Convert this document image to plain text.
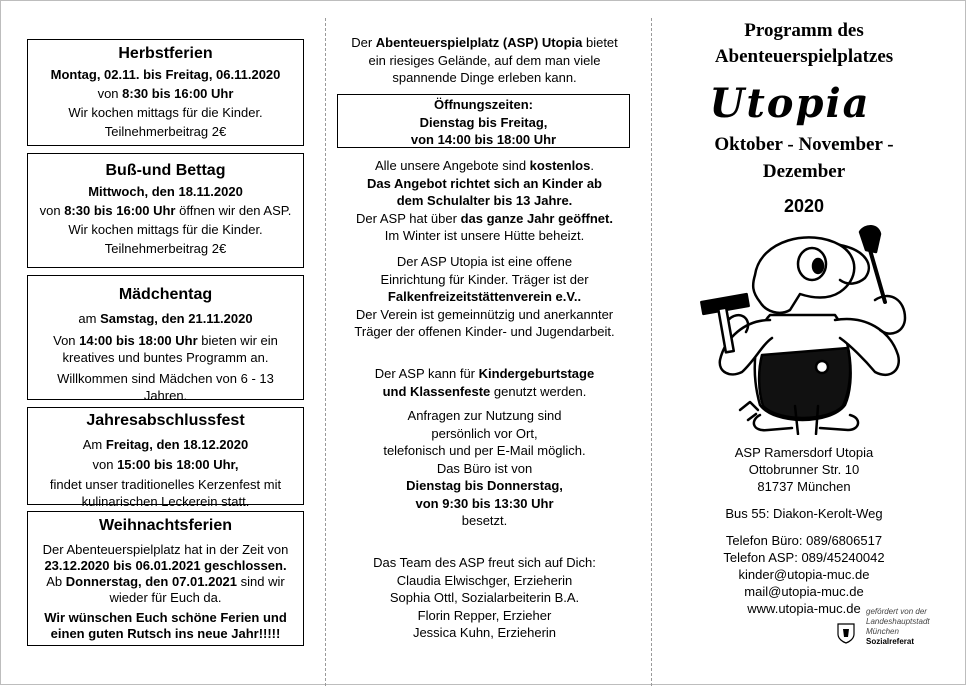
Herbstferien

Montag, 02.11. bis Freitag, 06.11.2020

von 8:30 bis 16:00 Uhr

Wir kochen mittags für die Kinder.

Teilnehmerbeitrag 2€

Buß-und Bettag

Mittwoch, den 18.11.2020

von 8:30 bis 16:00 Uhr öffnen wir den ASP.

Wir kochen mittags für die Kinder.

Teilnehmerbeitrag 2€

Mädchentag

am Samstag, den 21.11.2020

Von 14:00 bis 18:00 Uhr bieten wir ein kreatives und buntes Programm an.

Willkommen sind Mädchen von 6 - 13 Jahren.

Jahresabschlussfest

Am Freitag, den 18.12.2020

von 15:00 bis 18:00 Uhr,

findet unser traditionelles Kerzenfest mit kulinarischen Leckerein statt.

Weihnachtsferien

Der Abenteuerspielplatz hat in der Zeit von

23.12.2020 bis 06.01.2021 geschlossen.

Ab Donnerstag, den 07.01.2021 sind wir wieder für Euch da.

Wir wünschen Euch schöne Ferien und einen guten Rutsch ins neue Jahr!!!!!

Der Abenteuerspielplatz (ASP) Utopia bietet ein riesiges Gelände, auf dem man viele spannende Dinge erleben kann.

Öffnungszeiten:
Dienstag bis Freitag,
von 14:00 bis 18:00 Uhr

Alle unsere Angebote sind kostenlos.

Das Angebot richtet sich an Kinder ab dem Schulalter bis 13 Jahre.

Der ASP hat über das ganze Jahr geöffnet.

Im Winter ist unsere Hütte beheizt.

Der ASP Utopia ist eine offene Einrichtung für Kinder. Träger ist der

Falkenfreizeitstättenverein e.V..

Der Verein ist gemeinnützig und anerkannter Träger der offenen Kinder- und Jugendarbeit.

Der ASP kann für Kindergeburtstage

und Klassenfeste genutzt werden.

Anfragen zur Nutzung sind

persönlich vor Ort,

telefonisch und per E-Mail möglich.

Das Büro ist von

Dienstag bis Donnerstag,

von 9:30 bis 13:30 Uhr

besetzt.

Das Team des ASP freut sich auf Dich:

Claudia Elwischger, Erzieherin

Sophia Ottl, Sozialarbeiterin B.A.

Florin Repper, Erzieher

Jessica Kuhn, Erzieherin

Programm des
Abenteuerspielplatzes
Utopia
Oktober - November -
Dezember
2020

ASP Ramersdorf Utopia

Ottobrunner Str. 10

81737 München

Bus 55: Diakon-Kerolt-Weg

Telefon Büro: 089/6806517

Telefon ASP: 089/45240042

kinder@utopia-muc.de

mail@utopia-muc.de

www.utopia-muc.de gefördert von der
Landeshauptstadt
München
Sozialreferat
